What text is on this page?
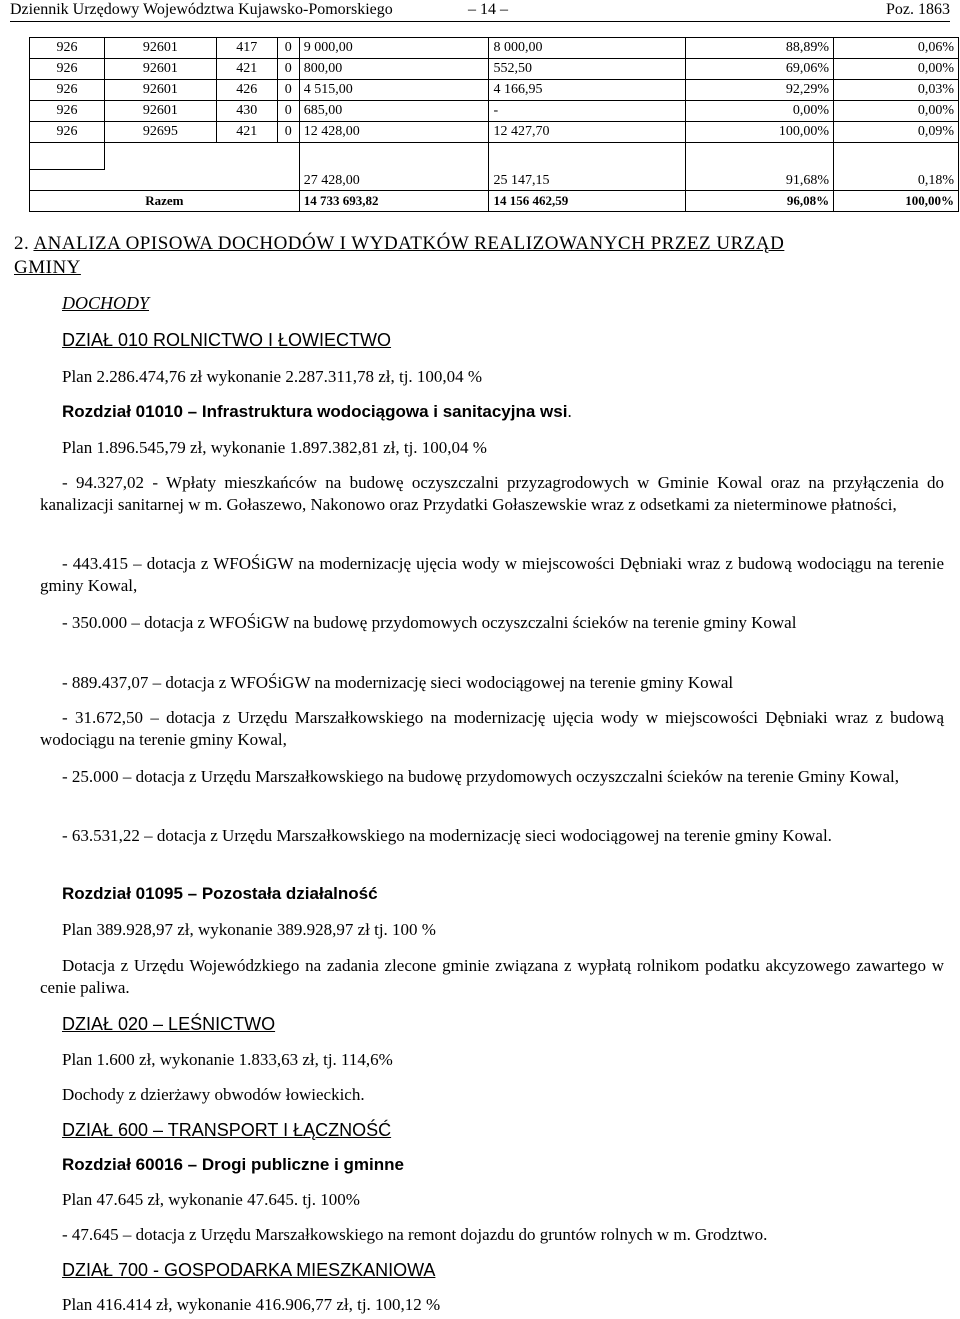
Dziennik Urzędowy Województwa Kujawsko-Pomorskiego	– 14 –	Poz. 1863
926	92601	417	0	9 000,00	8 000,00	88,89%	0,06%
926	92601	421	0	800,00	552,50	69,06%	0,00%
926	92601	426	0	4 515,00	4 166,95	92,29%	0,03%
926	92601	430	0	685,00	-	0,00%	0,00%
926	92695	421	0	12 428,00	12 427,70	100,00%	0,09%

				27 428,00	25 147,15	91,68%	0,18%
Razem				14 733 693,82	14 156 462,59	96,08%	100,00%

2. ANALIZA OPISOWA DOCHODÓW I WYDATKÓW REALIZOWANYCH PRZEZ URZĄD
GMINY

DOCHODY

DZIAŁ 010 ROLNICTWO I ŁOWIECTWO

Plan 2.286.474,76 zł wykonanie 2.287.311,78 zł, tj. 100,04 %

Rozdział 01010 – Infrastruktura wodociągowa i sanitacyjna wsi.

Plan 1.896.545,79 zł, wykonanie 1.897.382,81 zł, tj. 100,04 %

- 94.327,02 - Wpłaty mieszkańców na budowę oczyszczalni przyzagrodowych w Gminie Kowal oraz na przyłączenia do kanalizacji sanitarnej w m. Gołaszewo, Nakonowo oraz Przydatki Gołaszewskie wraz z odsetkami za nieterminowe płatności,

- 443.415 – dotacja z WFOŚiGW na modernizację ujęcia wody w miejscowości Dębniaki wraz z budową wodociągu na terenie gminy Kowal,

- 350.000 – dotacja z WFOŚiGW na budowę przydomowych oczyszczalni ścieków na terenie gminy Kowal

- 889.437,07 – dotacja z WFOŚiGW na modernizację sieci wodociągowej na terenie gminy Kowal

- 31.672,50 – dotacja z Urzędu Marszałkowskiego na modernizację ujęcia wody w miejscowości Dębniaki wraz z budową wodociągu na terenie gminy Kowal,

- 25.000 – dotacja z Urzędu Marszałkowskiego na budowę przydomowych oczyszczalni ścieków na terenie Gminy Kowal,

- 63.531,22 – dotacja z Urzędu Marszałkowskiego na modernizację sieci wodociągowej na terenie gminy Kowal.

Rozdział 01095 – Pozostała działalność

Plan 389.928,97 zł, wykonanie 389.928,97 zł tj. 100 %

Dotacja z Urzędu Wojewódzkiego na zadania zlecone gminie związana z wypłatą rolnikom podatku akcyzowego zawartego w cenie paliwa.

DZIAŁ 020 – LEŚNICTWO

Plan 1.600 zł, wykonanie 1.833,63 zł, tj. 114,6%

Dochody z dzierżawy obwodów łowieckich.

DZIAŁ 600 – TRANSPORT I ŁĄCZNOŚĆ

Rozdział 60016 – Drogi publiczne i gminne

Plan 47.645 zł, wykonanie 47.645. tj. 100%

- 47.645 – dotacja z Urzędu Marszałkowskiego na remont dojazdu do gruntów rolnych w m. Grodztwo.

DZIAŁ 700 - GOSPODARKA MIESZKANIOWA

Plan 416.414 zł, wykonanie 416.906,77 zł, tj. 100,12 %
